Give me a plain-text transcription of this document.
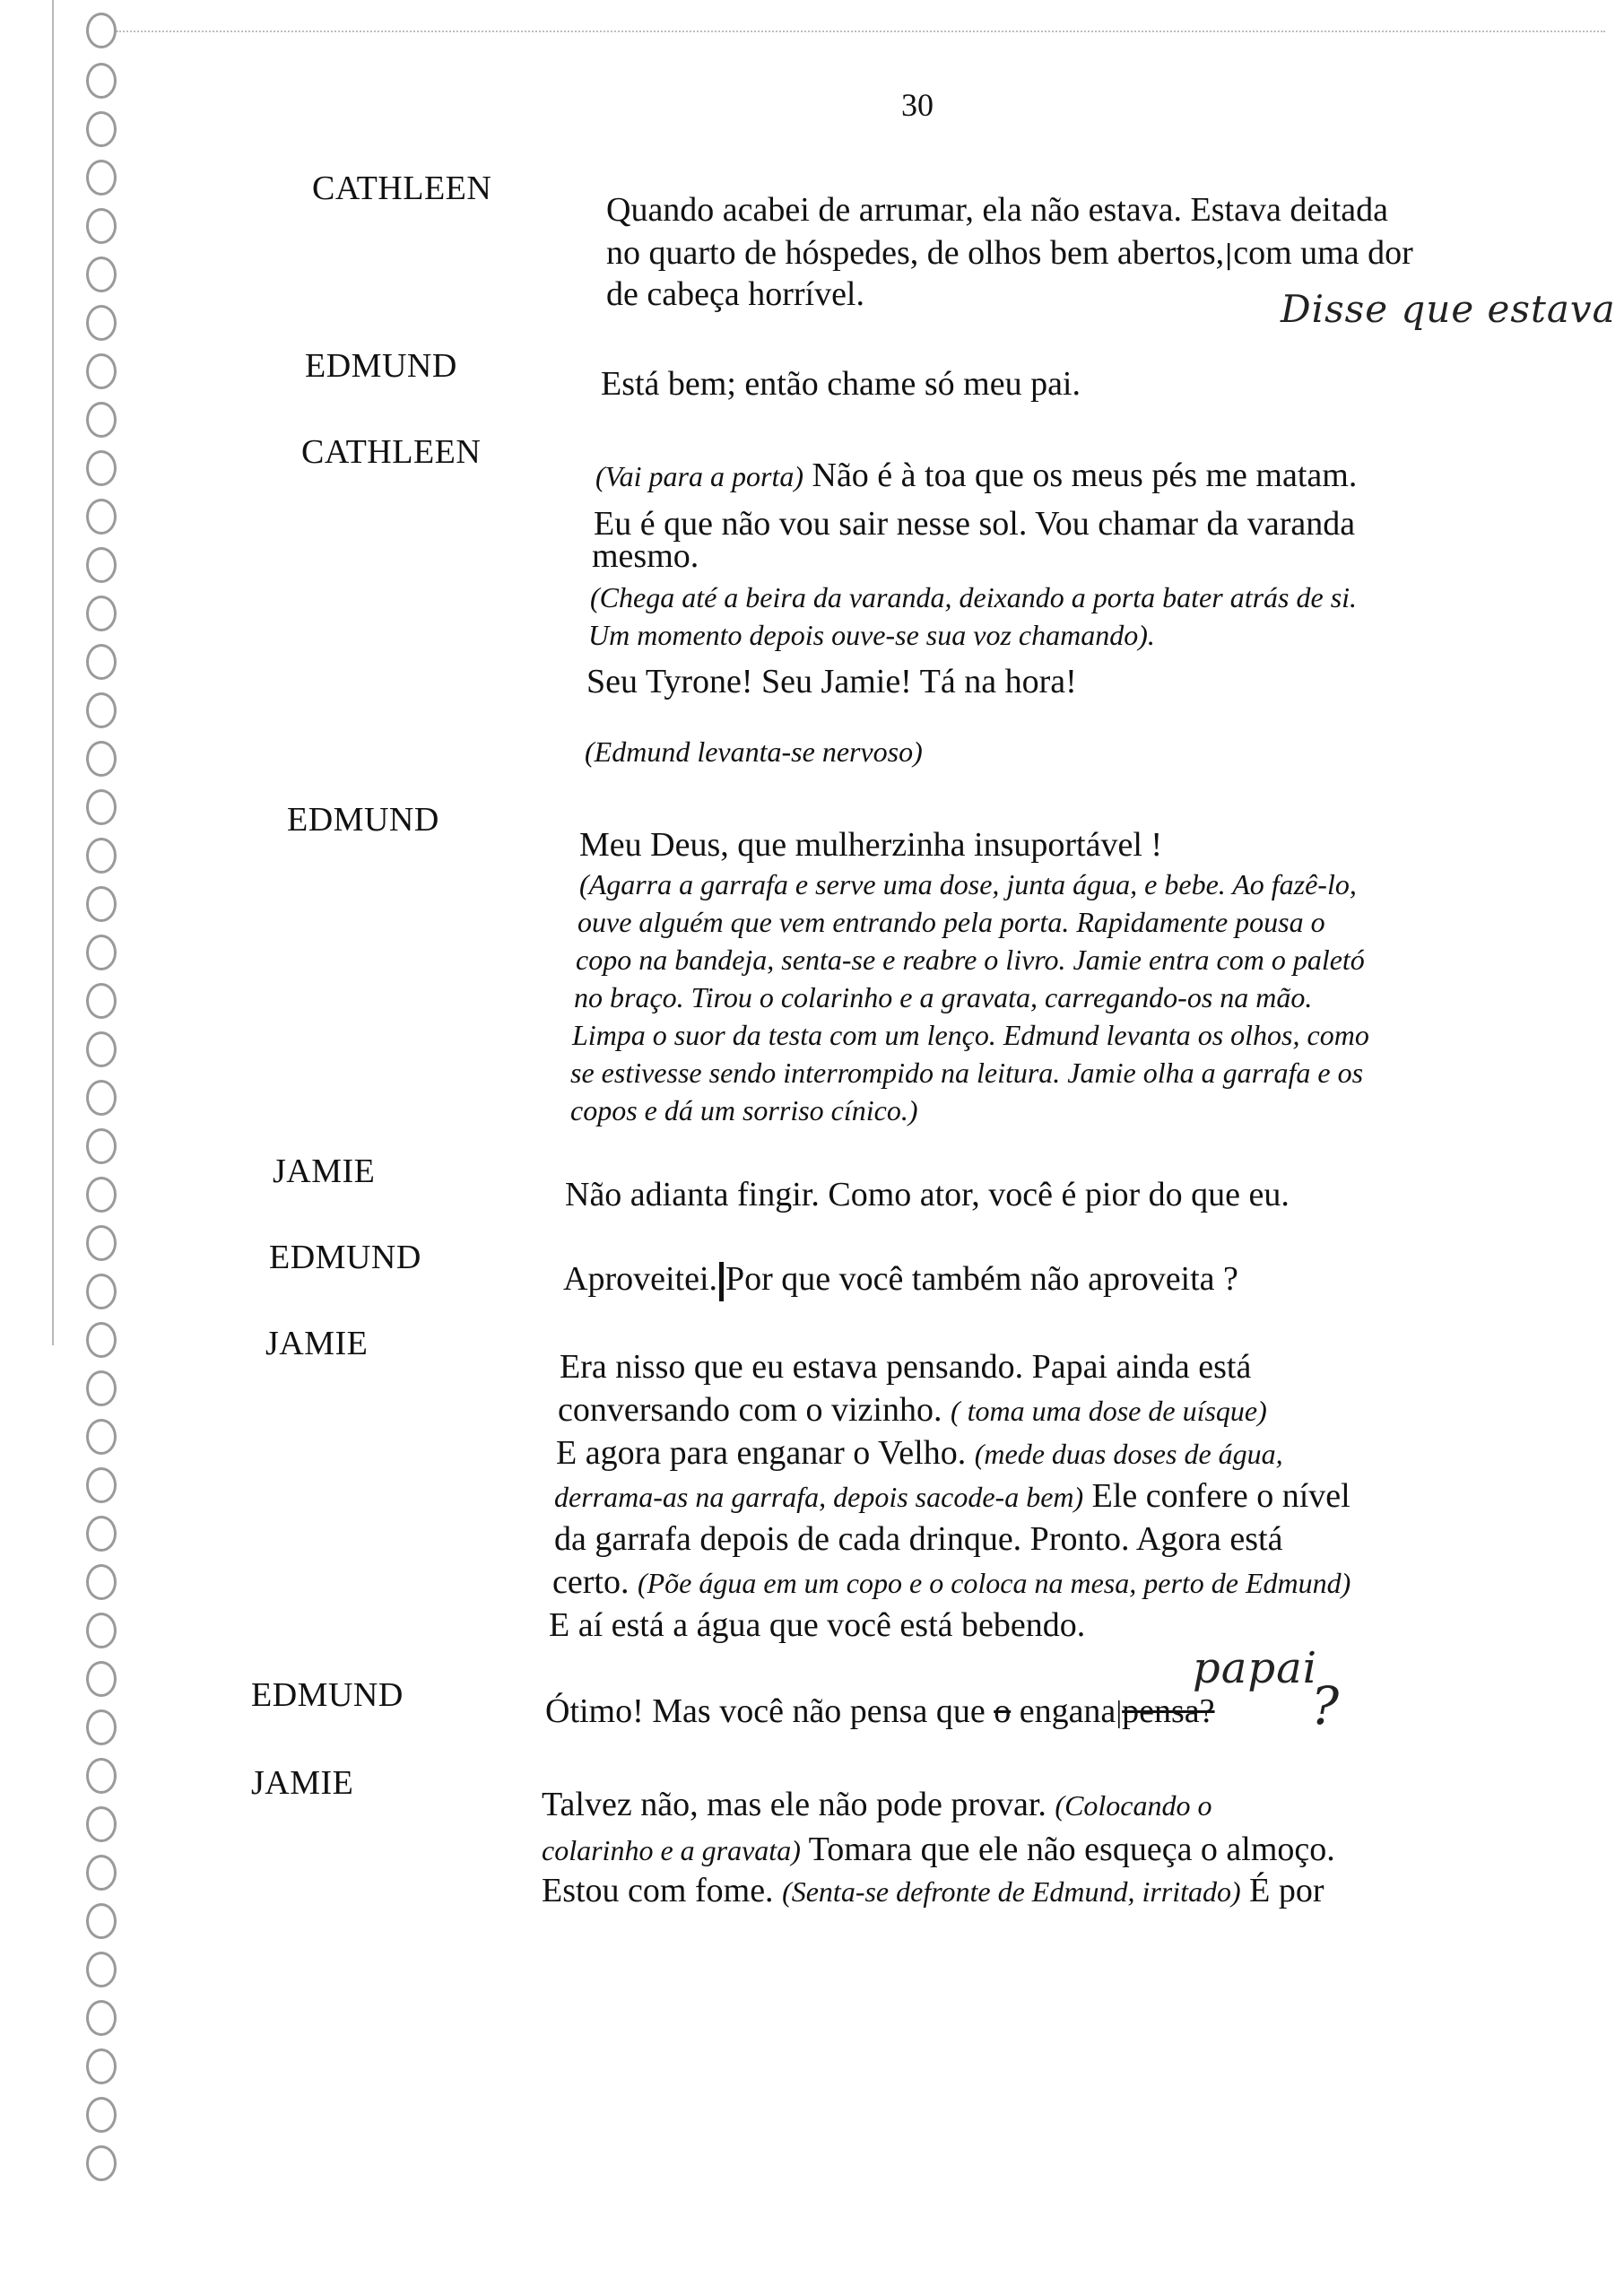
30
CATHLEEN
Quando acabei de arrumar, ela não estava. Estava deitada
no quarto de hóspedes, de olhos bem abertos,|com uma dor
de cabeça horrível.	Disse que estava
EDMUND	Está bem; então chame só meu pai.
CATHLEEN
(Vai para a porta) Não é à toa que os meus pés me matam.
Eu é que não vou sair nesse sol. Vou chamar da varanda
mesmo.
(Chega até a beira da varanda, deixando a porta bater atrás de si.
Um momento depois ouve-se sua voz chamando).
Seu Tyrone! Seu Jamie! Tá na hora!
(Edmund levanta-se nervoso)
EDMUND
Meu Deus, que mulherzinha insuportável !
(Agarra a garrafa e serve uma dose, junta água, e bebe. Ao fazê-lo,
ouve alguém que vem entrando pela porta. Rapidamente pousa o
copo na bandeja, senta-se e reabre o livro. Jamie entra com o paletó
no braço. Tirou o colarinho e a gravata, carregando-os na mão.
Limpa o suor da testa com um lenço. Edmund levanta os olhos, como
se estivesse sendo interrompido na leitura. Jamie olha a garrafa e os
copos e dá um sorriso cínico.)
JAMIE
Não adianta fingir. Como ator, você é pior do que eu.
EDMUND
Aproveitei. Por que você também não aproveita ?
JAMIE
Era nisso que eu estava pensando. Papai ainda está
conversando com o vizinho. ( toma uma dose de uísque)
E agora para enganar o Velho. (mede duas doses de água,
derrama-as na garrafa, depois sacode-a bem) Ele confere o nível
da garrafa depois de cada drinque. Pronto. Agora está
certo. (Põe água em um copo e o coloca na mesa, perto de Edmund)
E aí está a água que você está bebendo.
EDMUND
papai
Ótimo! Mas você não pensa que o engana|pensa? ?
JAMIE
Talvez não, mas ele não pode provar. (Colocando o
colarinho e a gravata) Tomara que ele não esqueça o almoço.
Estou com fome. (Senta-se defronte de Edmund, irritado) É por
